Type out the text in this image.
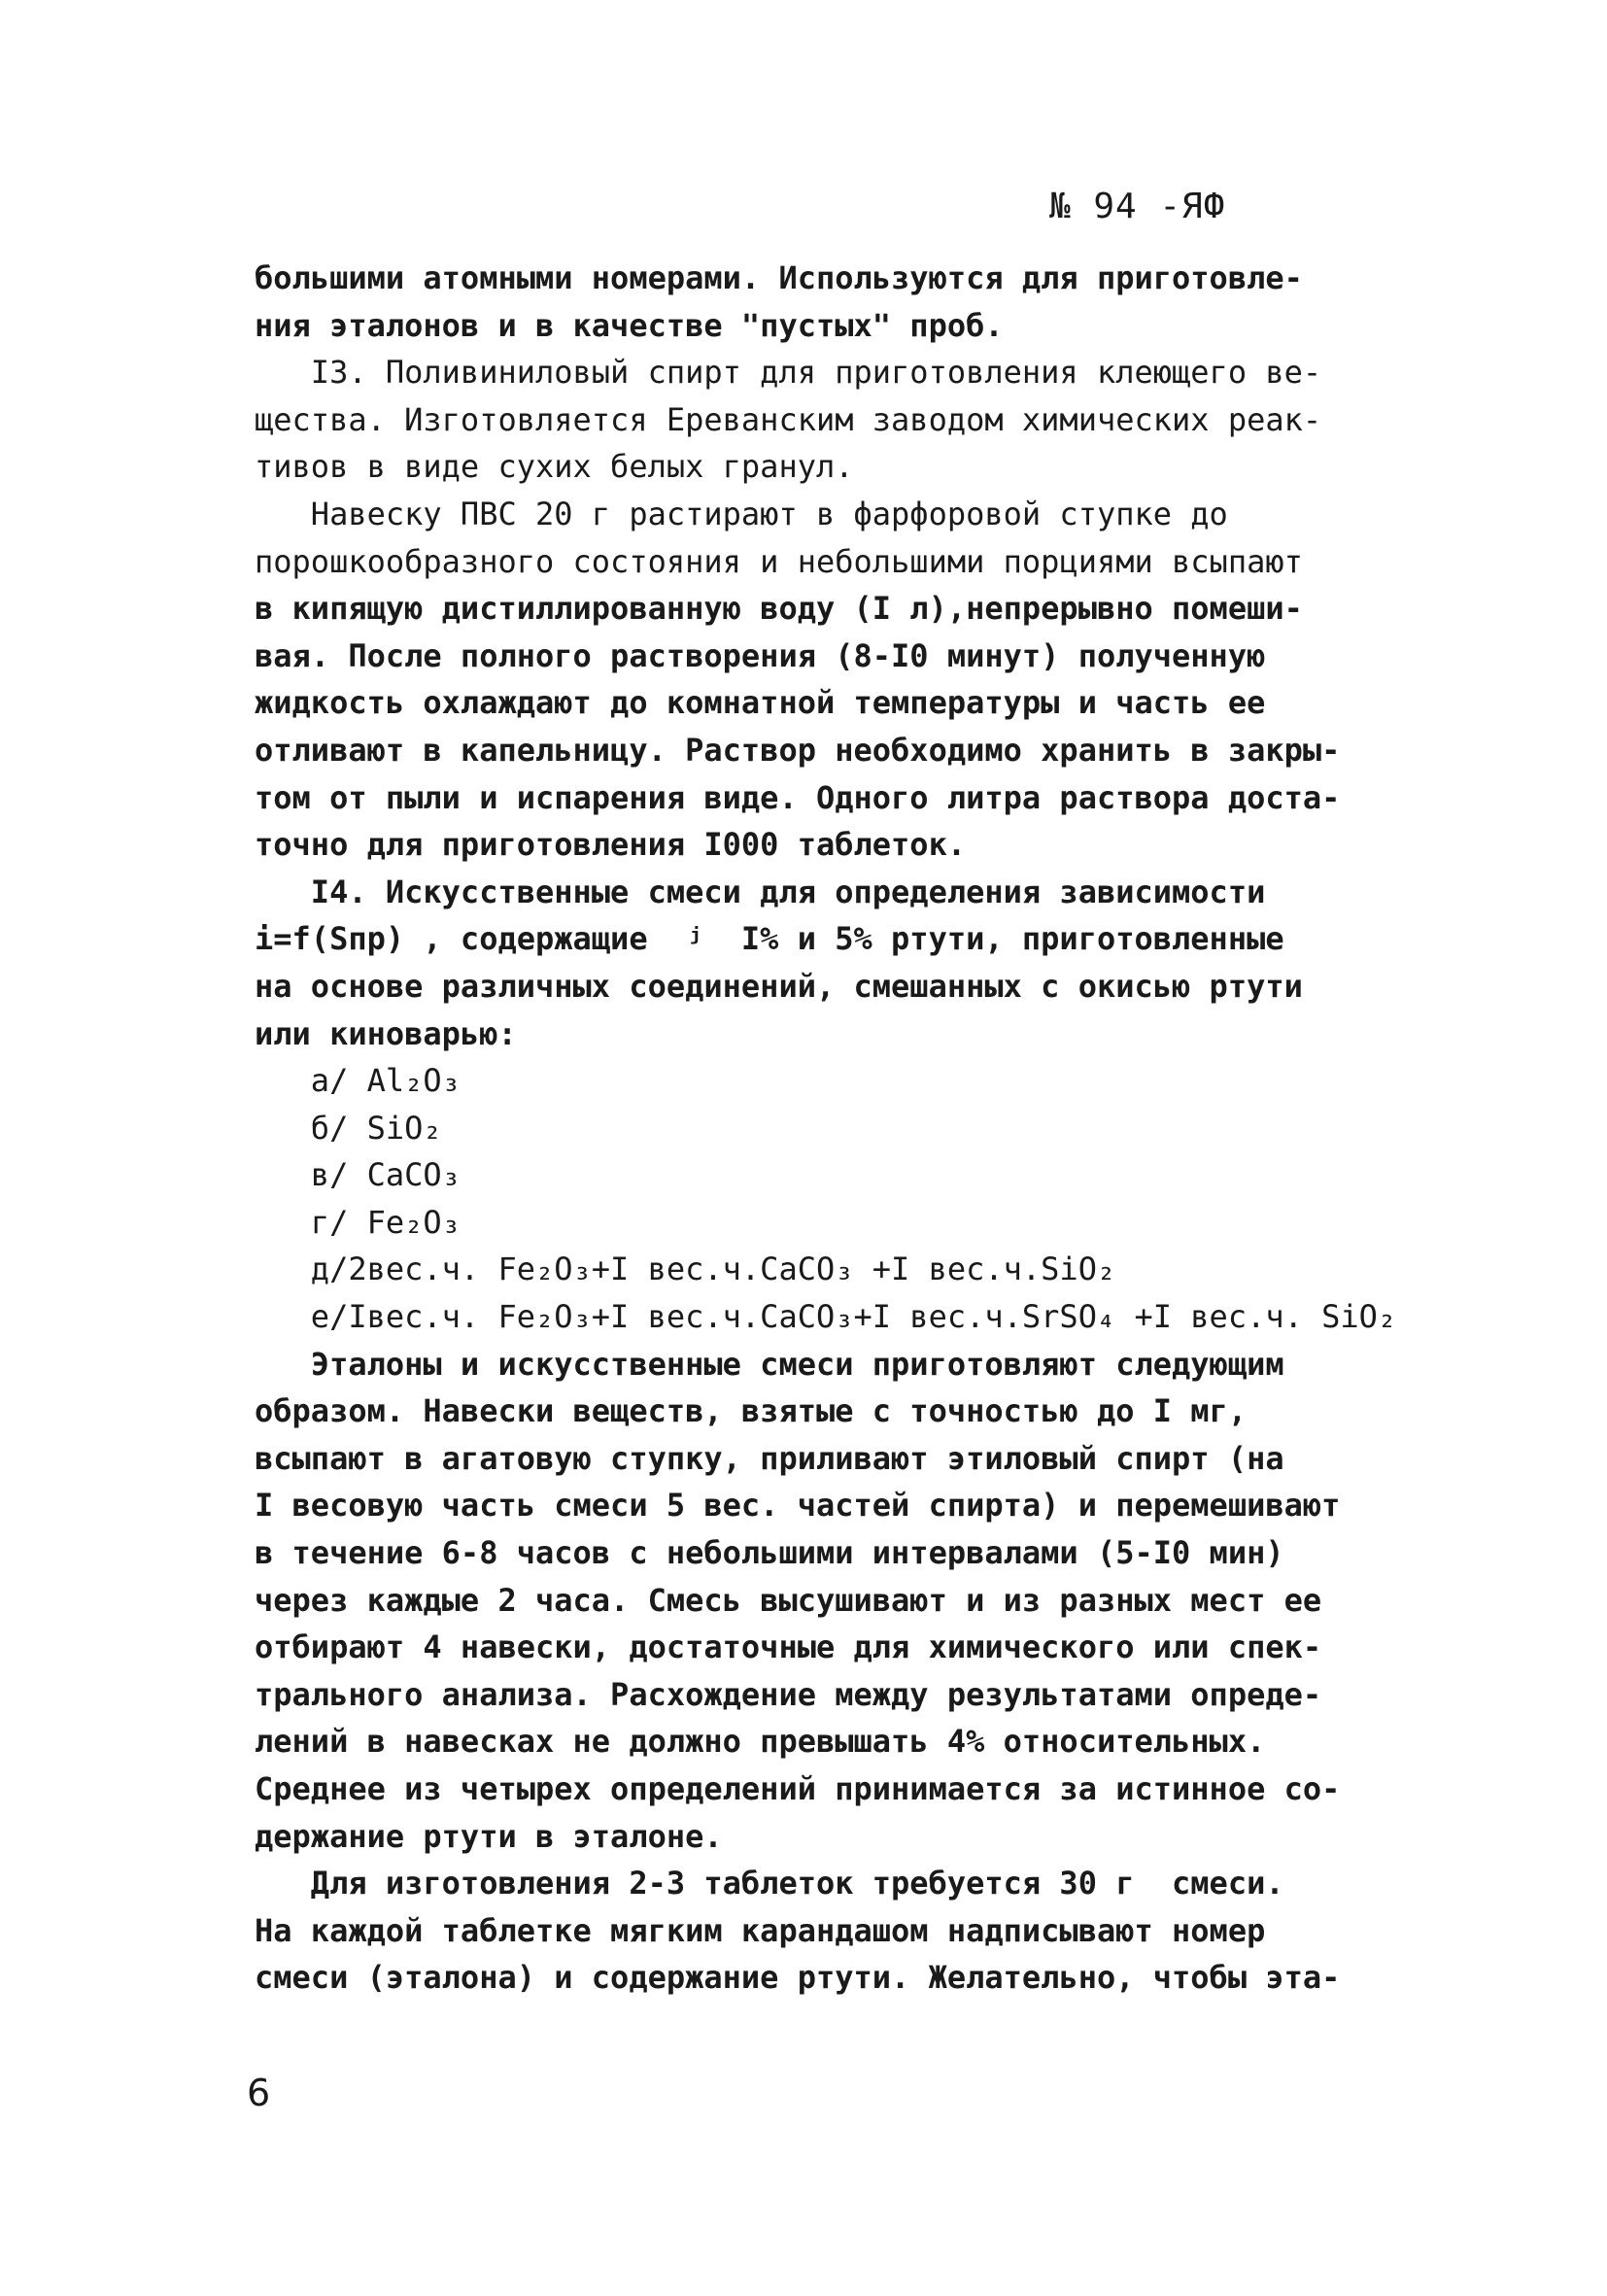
№ 94 -ЯФ
большими атомными номерами. Используются для приготовле-
ния эталонов и в качестве "пустых" проб.
I3. Поливиниловый спирт для приготовления клеющего ве-
щества. Изготовляется Ереванским заводом химических реак-
тивов в виде сухих белых гранул.
Навеску ПВС 20 г растирают в фарфоровой ступке до
порошкообразного состояния и небольшими порциями всыпают
в кипящую дистиллированную воду (I л),непрерывно помеши-
вая. После полного растворения (8-I0 минут) полученную
жидкость охлаждают до комнатной температуры и часть ее
отливают в капельницу. Раствор необходимо хранить в закры-
том от пыли и испарения виде. Одного литра раствора доста-
точно для приготовления I000 таблеток.
I4. Искусственные смеси для определения зависимости
i=f(Sпр) , содержащие  ʲ  I% и 5% ртути, приготовленные
на основе различных соединений, смешанных с окисью ртути
или киноварью:
а/ Al₂O₃
б/ SiO₂
в/ CaCO₃
г/ Fe₂O₃
д/2вес.ч. Fe₂O₃+I вес.ч.CaCO₃ +I вес.ч.SiO₂
е/Iвес.ч. Fe₂O₃+I вес.ч.CaCO₃+I вес.ч.SrSO₄ +I вес.ч. SiO₂
Эталоны и искусственные смеси приготовляют следующим
образом. Навески веществ, взятые с точностью до I мг,
всыпают в агатовую ступку, приливают этиловый спирт (на
I весовую часть смеси 5 вес. частей спирта) и перемешивают
в течение 6-8 часов с небольшими интервалами (5-I0 мин)
через каждые 2 часа. Смесь высушивают и из разных мест ее
отбирают 4 навески, достаточные для химического или спек-
трального анализа. Расхождение между результатами опреде-
лений в навесках не должно превышать 4% относительных.
Среднее из четырех определений принимается за истинное со-
держание ртути в эталоне.
Для изготовления 2-3 таблеток требуется 30 г  смеси.
На каждой таблетке мягким карандашом надписывают номер
смеси (эталона) и содержание ртути. Желательно, чтобы эта-
6
